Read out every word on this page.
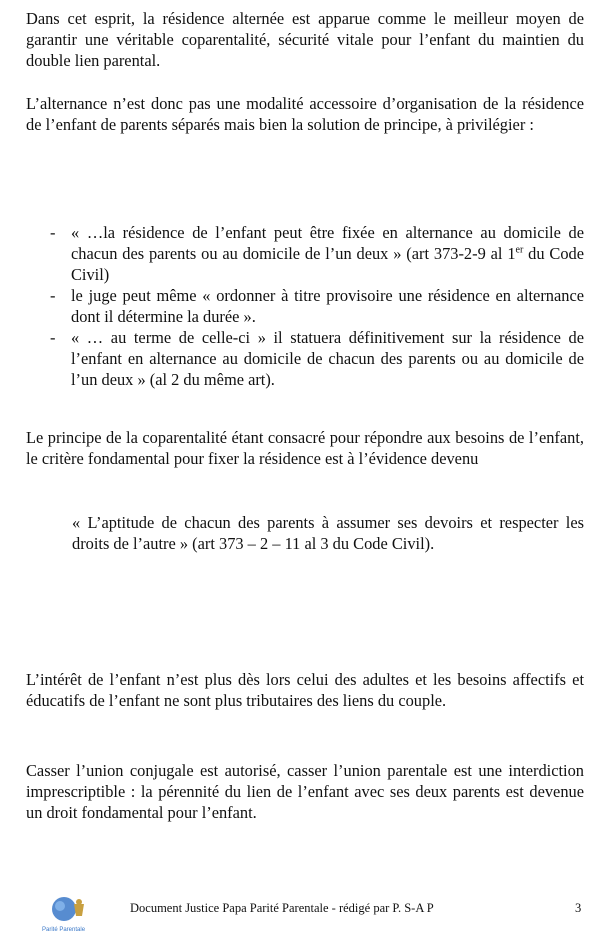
Dans cet esprit, la résidence alternée est apparue comme le meilleur moyen de garantir une véritable coparentalité, sécurité vitale pour l’enfant du maintien du double lien parental.

L’alternance n’est donc pas une modalité accessoire d’organisation de la résidence de l’enfant de parents séparés mais bien la solution de principe, à privilégier :

- « …la résidence de l’enfant peut être fixée en alternance au domicile de chacun des parents ou au domicile de l’un deux » (art 373-2-9 al 1er du Code Civil)
- le juge peut même « ordonner à titre provisoire une résidence en alternance dont il détermine la durée ».
- « … au terme de celle-ci » il statuera définitivement sur la résidence de l’enfant en alternance au domicile de chacun des parents ou au domicile de l’un deux » (al 2 du même art).

Le principe de la coparentalité étant consacré pour répondre aux besoins de l’enfant, le critère fondamental pour fixer la résidence est à l’évidence devenu

« L’aptitude de chacun des parents à assumer ses devoirs et respecter les droits de l’autre » (art 373 – 2 – 11 al 3 du Code Civil).

L’intérêt de l’enfant n’est plus dès lors celui des adultes et les besoins affectifs et éducatifs de l’enfant ne sont plus tributaires des liens du couple.

Casser l’union conjugale est autorisé, casser l’union parentale est une interdiction imprescriptible : la pérennité du lien de l’enfant avec ses deux parents est devenue un droit fondamental pour l’enfant.

Parité Parentale
Document Justice Papa Parité Parentale - rédigé par P. S-A P	3
